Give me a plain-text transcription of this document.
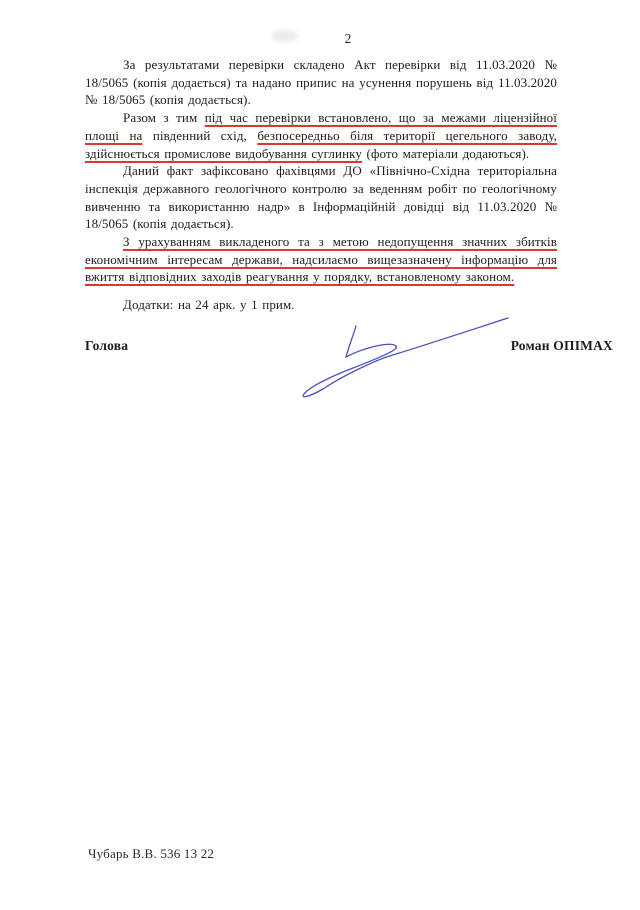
2

За результатами перевірки складено Акт перевірки від 11.03.2020 № 18/5065 (копія додається) та надано припис на усунення порушень від 11.03.2020 № 18/5065 (копія додається).

Разом з тим під час перевірки встановлено, що за межами ліцензійної площі на південний схід, безпосередньо біля території цегельного заводу, здійснюється промислове видобування суглинку (фото матеріали додаються).

Даний факт зафіксовано фахівцями ДО «Північно-Східна територіальна інспекція державного геологічного контролю за веденням робіт по геологічному вивченню та використанню надр» в Інформаційній довідці від 11.03.2020 № 18/5065 (копія додається).

З урахуванням викладеного та з метою недопущення значних збитків економічним інтересам держави, надсилаємо вищезазначену інформацію для вжиття відповідних заходів реагування у порядку, встановленому законом.

Додатки: на 24 арк. у 1 прим.

Голова	Роман ОПІМАХ
Чубарь В.В. 536 13 22
